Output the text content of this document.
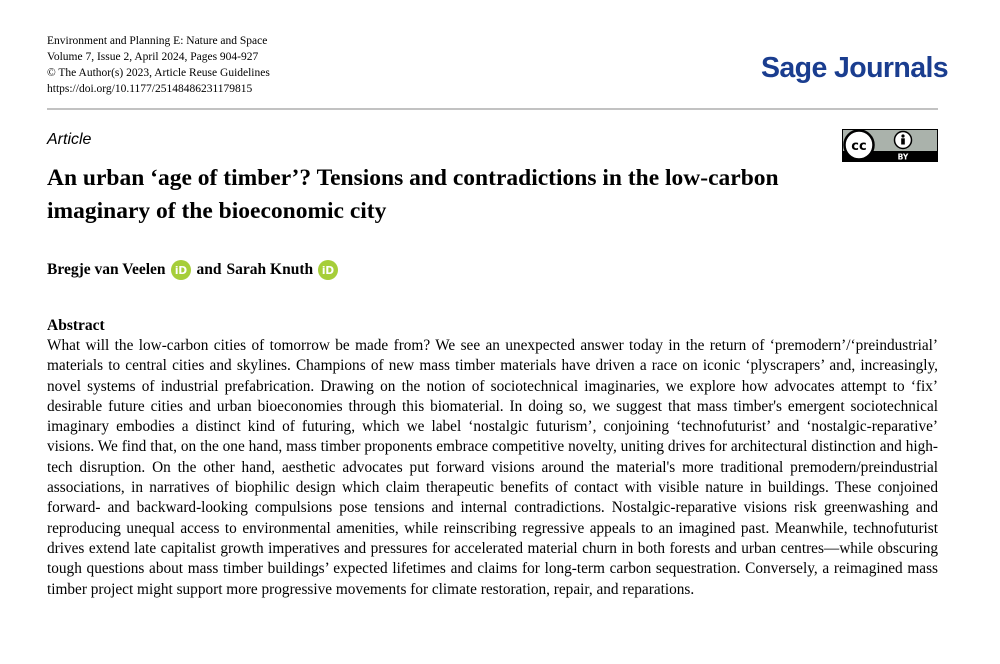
Environment and Planning E: Nature and Space
Volume 7, Issue 2, April 2024, Pages 904-927
© The Author(s) 2023, Article Reuse Guidelines
https://doi.org/10.1177/25148486231179815
Sage Journals
Article	cc
BY
An urban ‘age of timber’? Tensions and contradictions in the low-carbon imaginary of the bioeconomic city
Bregje van Veelen iD and Sarah Knuth iD
Abstract

What will the low-carbon cities of tomorrow be made from? We see an unexpected answer today in the return of ‘premodern’/‘preindustrial’ materials to central cities and skylines. Champions of new mass timber materials have driven a race on iconic ‘plyscrapers’ and, increasingly, novel systems of industrial prefabrication. Drawing on the notion of sociotechnical imaginaries, we explore how advocates attempt to ‘fix’ desirable future cities and urban bioeconomies through this biomaterial. In doing so, we suggest that mass timber's emergent sociotechnical imaginary embodies a distinct kind of futuring, which we label ‘nostalgic futurism’, conjoining ‘technofuturist’ and ‘nostalgic-reparative’ visions. We find that, on the one hand, mass timber proponents embrace competitive novelty, uniting drives for architectural distinction and high-tech disruption. On the other hand, aesthetic advocates put forward visions around the material's more traditional premodern/preindustrial associations, in narratives of biophilic design which claim therapeutic benefits of contact with visible nature in buildings. These conjoined forward- and backward-looking compulsions pose tensions and internal contradictions. Nostalgic-reparative visions risk greenwashing and reproducing unequal access to environmental amenities, while reinscribing regressive appeals to an imagined past. Meanwhile, technofuturist drives extend late capitalist growth imperatives and pressures for accelerated material churn in both forests and urban centres—while obscuring tough questions about mass timber buildings’ expected lifetimes and claims for long-term carbon sequestration. Conversely, a reimagined mass timber project might support more progressive movements for climate restoration, repair, and reparations.
